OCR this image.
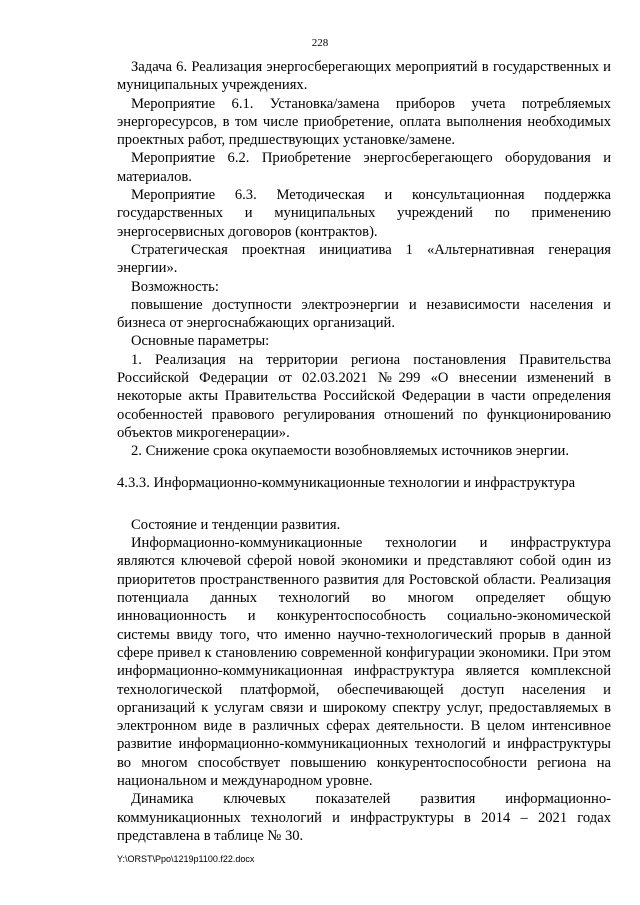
228

Задача 6. Реализация энергосберегающих мероприятий в государственных и муниципальных учреждениях.

Мероприятие 6.1. Установка/замена приборов учета потребляемых энергоресурсов, в том числе приобретение, оплата выполнения необходимых проектных работ, предшествующих установке/замене.

Мероприятие 6.2. Приобретение энергосберегающего оборудования и материалов.

Мероприятие 6.3. Методическая и консультационная поддержка государственных и муниципальных учреждений по применению энергосервисных договоров (контрактов).

Стратегическая проектная инициатива 1 «Альтернативная генерация энергии».

Возможность:

повышение доступности электроэнергии и независимости населения и бизнеса от энергоснабжающих организаций.

Основные параметры:

1. Реализация на территории региона постановления Правительства Российской Федерации от 02.03.2021 №299 «О внесении изменений в некоторые акты Правительства Российской Федерации в части определения особенностей правового регулирования отношений по функционированию объектов микрогенерации».

2. Снижение срока окупаемости возобновляемых источников энергии.

4.3.3. Информационно-коммуникационные технологии и инфраструктура

Состояние и тенденции развития.

Информационно-коммуникационные технологии и инфраструктура являются ключевой сферой новой экономики и представляют собой один из приоритетов пространственного развития для Ростовской области. Реализация потенциала данных технологий во многом определяет общую инновационность и конкурентоспособность социально-экономической системы ввиду того, что именно научно-технологический прорыв в данной сфере привел к становлению современной конфигурации экономики. При этом информационно-коммуникационная инфраструктура является комплексной технологической платформой, обеспечивающей доступ населения и организаций к услугам связи и широкому спектру услуг, предоставляемых в электронном виде в различных сферах деятельности. В целом интенсивное развитие информационно-коммуникационных технологий и инфраструктуры во многом способствует повышению конкурентоспособности региона на национальном и международном уровне.

Динамика ключевых показателей развития информационно-коммуникационных технологий и инфраструктуры в 2014 – 2021 годах представлена в таблице № 30.

Y:\ORST\Ppo\1219p1100.f22.docx
